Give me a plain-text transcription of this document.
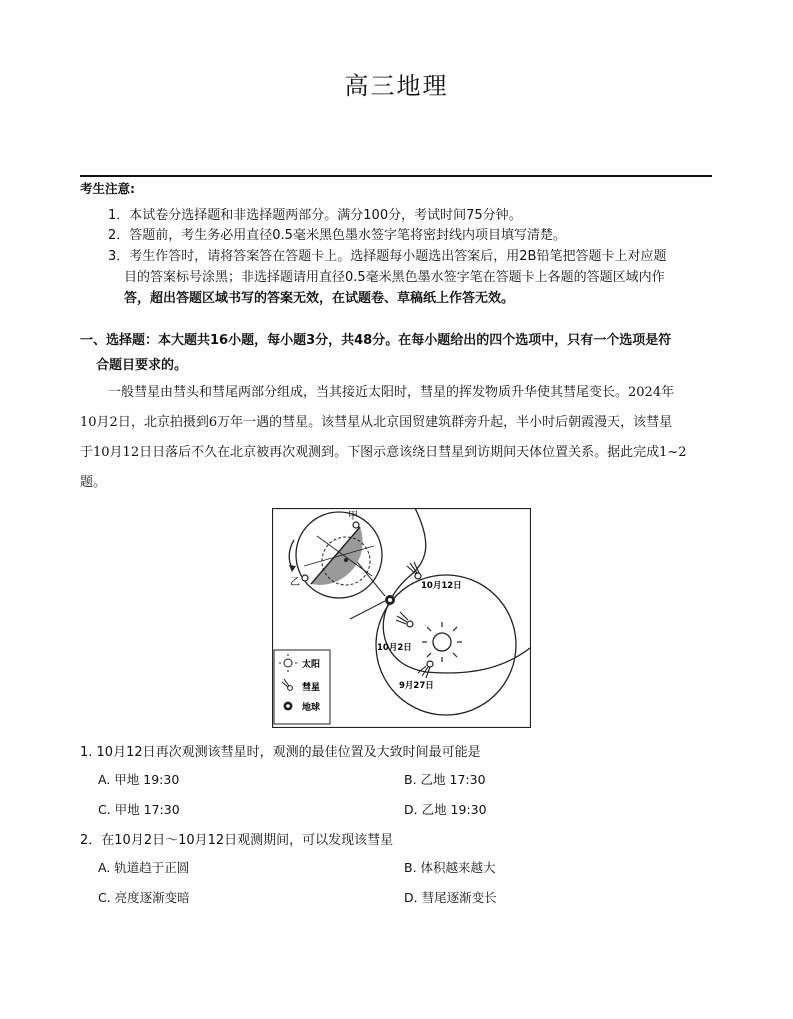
高三地理
考生注意:
1．本试卷分选择题和非选择题两部分。满分100分，考试时间75分钟。
2．答题前，考生务必用直径0.5毫米黑色墨水签字笔将密封线内项目填写清楚。
3．考生作答时，请将答案答在答题卡上。选择题每小题选出答案后，用2B铅笔把答题卡上对应题
目的答案标号涂黑；非选择题请用直径0.5毫米黑色墨水签字笔在答题卡上各题的答题区域内作
答，超出答题区域书写的答案无效，在试题卷、草稿纸上作答无效。
一、选择题：本大题共16小题，每小题3分，共48分。在每小题给出的四个选项中，只有一个选项是符
合题目要求的。
一般彗星由彗头和彗尾两部分组成，当其接近太阳时，彗星的挥发物质升华使其彗尾变长。2024年
10月2日，北京拍摄到6万年一遇的彗星。该彗星从北京国贸建筑群旁升起，半小时后朝霞漫天，该彗星
于10月12日日落后不久在北京被再次观测到。下图示意该绕日彗星到访期间天体位置关系。据此完成1~2
题。
甲
乙	10月12日
10月2日
9月27日
太阳
彗星
地球
1. 10月12日再次观测该彗星时，观测的最佳位置及大致时间最可能是
A. 甲地 19:30	B. 乙地 17:30
C. 甲地 17:30	D. 乙地 19:30
2．在10月2日～10月12日观测期间，可以发现该彗星
A. 轨道趋于正圆	B. 体积越来越大
C. 亮度逐渐变暗	D. 彗尾逐渐变长
